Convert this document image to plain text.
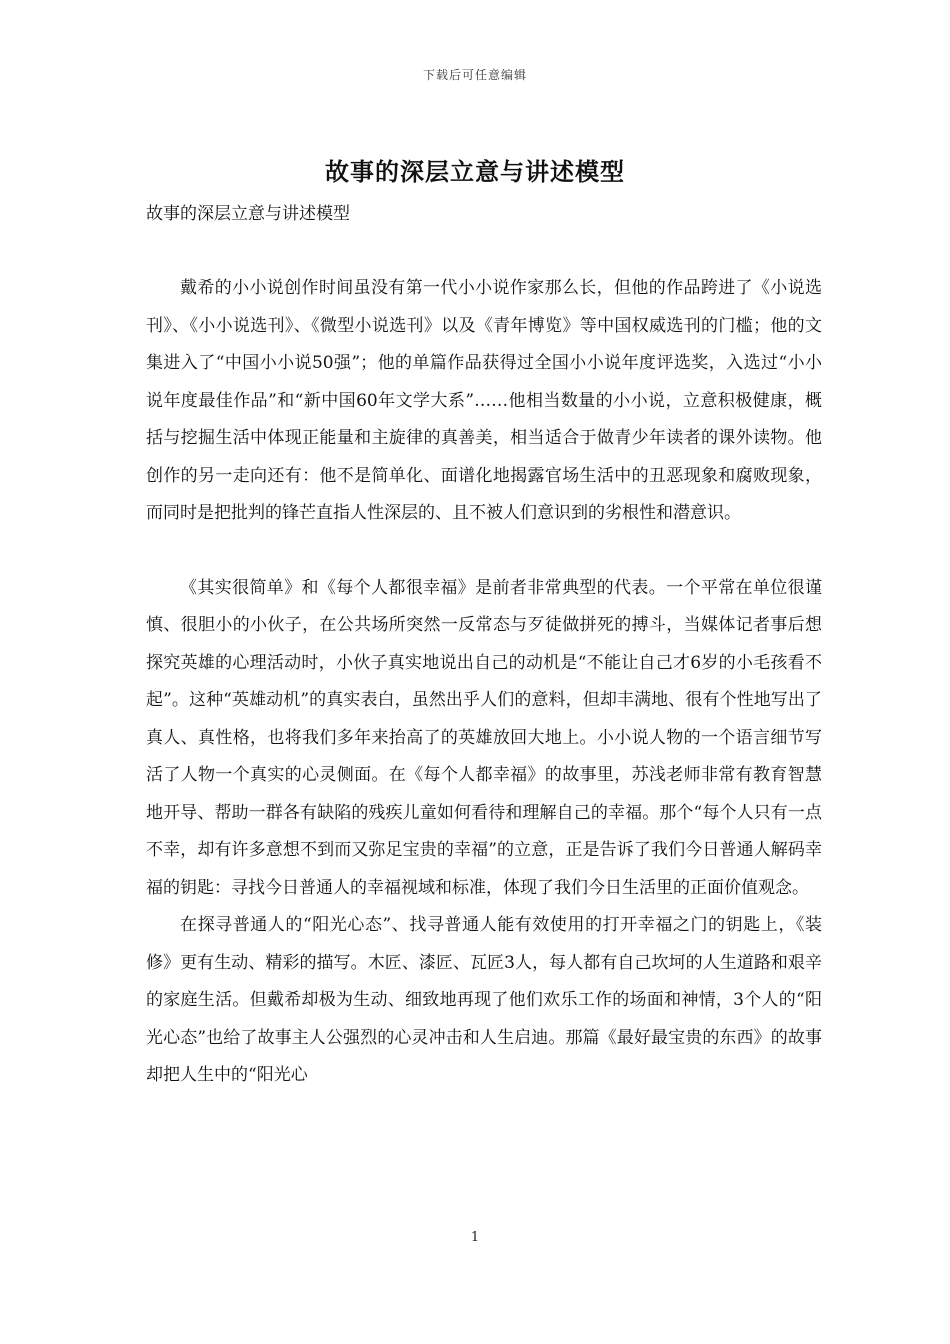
下载后可任意编辑
故事的深层立意与讲述模型
故事的深层立意与讲述模型

戴希的小小说创作时间虽没有第一代小小说作家那么长，但他的作品跨进了《小说选刊》、《小小说选刊》、《微型小说选刊》以及《青年博览》等中国权威选刊的门槛；他的文集进入了“中国小小说50强”；他的单篇作品获得过全国小小说年度评选奖，入选过“小小说年度最佳作品”和“新中国60年文学大系”……他相当数量的小小说，立意积极健康，概括与挖掘生活中体现正能量和主旋律的真善美，相当适合于做青少年读者的课外读物。他创作的另一走向还有：他不是简单化、面谱化地揭露官场生活中的丑恶现象和腐败现象，而同时是把批判的锋芒直指人性深层的、且不被人们意识到的劣根性和潜意识。

《其实很简单》和《每个人都很幸福》是前者非常典型的代表。一个平常在单位很谨慎、很胆小的小伙子，在公共场所突然一反常态与歹徒做拼死的搏斗，当媒体记者事后想探究英雄的心理活动时，小伙子真实地说出自己的动机是“不能让自己才6岁的小毛孩看不起”。这种“英雄动机”的真实表白，虽然出乎人们的意料，但却丰满地、很有个性地写出了真人、真性格，也将我们多年来抬高了的英雄放回大地上。小小说人物的一个语言细节写活了人物一个真实的心灵侧面。在《每个人都幸福》的故事里，苏浅老师非常有教育智慧地开导、帮助一群各有缺陷的残疾儿童如何看待和理解自己的幸福。那个“每个人只有一点不幸，却有许多意想不到而又弥足宝贵的幸福”的立意，正是告诉了我们今日普通人解码幸福的钥匙：寻找今日普通人的幸福视域和标准，体现了我们今日生活里的正面价值观念。

在探寻普通人的“阳光心态”、找寻普通人能有效使用的打开幸福之门的钥匙上，《装修》更有生动、精彩的描写。木匠、漆匠、瓦匠3人，每人都有自己坎坷的人生道路和艰辛的家庭生活。但戴希却极为生动、细致地再现了他们欢乐工作的场面和神情，3个人的“阳光心态”也给了故事主人公强烈的心灵冲击和人生启迪。那篇《最好最宝贵的东西》的故事却把人生中的“阳光心

1
